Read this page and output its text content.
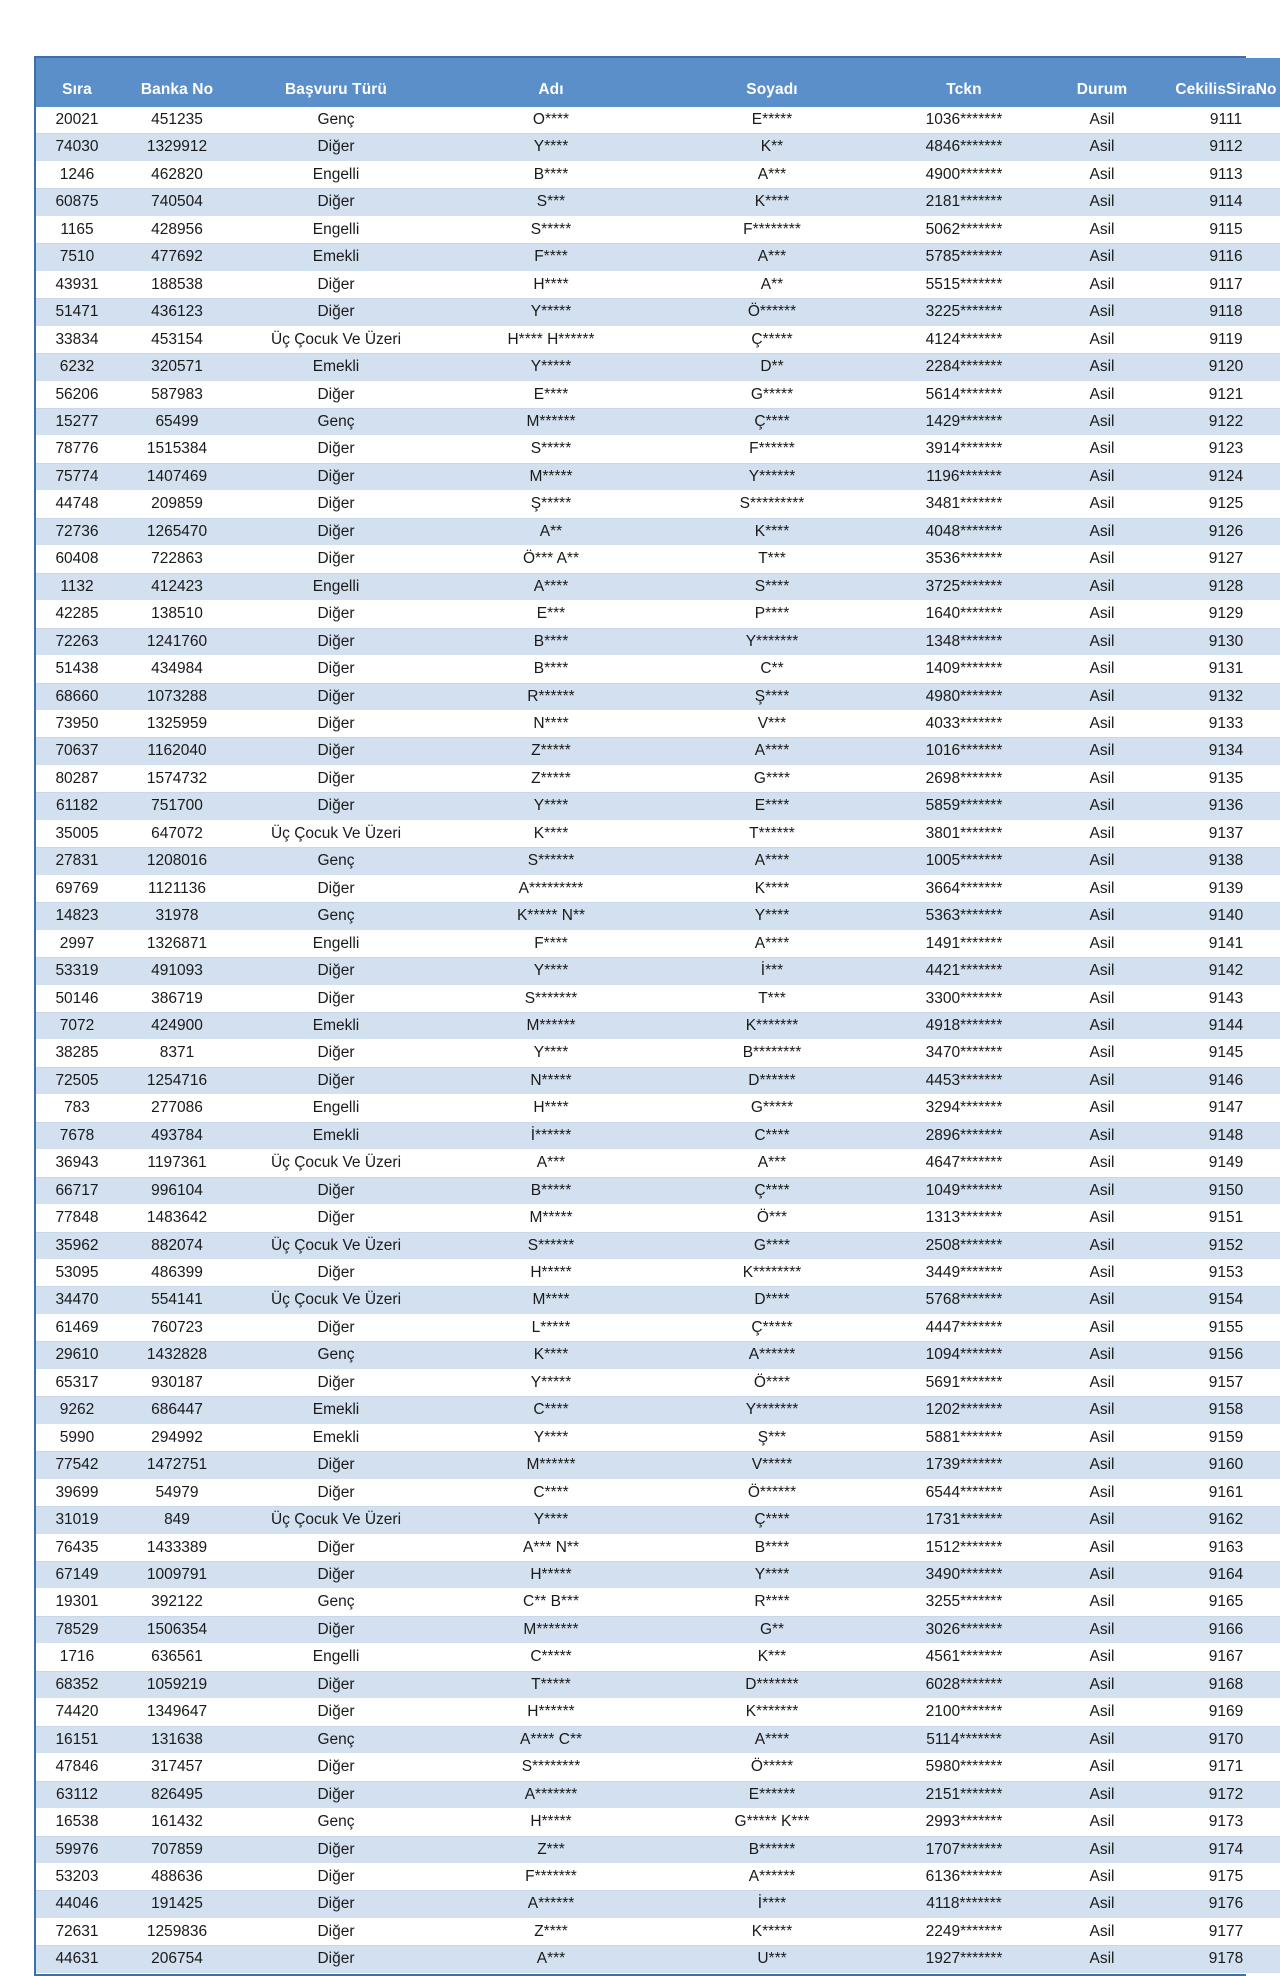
Sıra	Banka No	Başvuru Türü	Adı	Soyadı	Tckn	Durum	CekilisSiraNo
20021	451235	Genç	O****	E*****	1036*******	Asil	9111
74030	1329912	Diğer	Y****	K**	4846*******	Asil	9112
1246	462820	Engelli	B****	A***	4900*******	Asil	9113
60875	740504	Diğer	S***	K****	2181*******	Asil	9114
1165	428956	Engelli	S*****	F********	5062*******	Asil	9115
7510	477692	Emekli	F****	A***	5785*******	Asil	9116
43931	188538	Diğer	H****	A**	5515*******	Asil	9117
51471	436123	Diğer	Y*****	Ö******	3225*******	Asil	9118
33834	453154	Üç Çocuk Ve Üzeri	H**** H******	Ç*****	4124*******	Asil	9119
6232	320571	Emekli	Y*****	D**	2284*******	Asil	9120
56206	587983	Diğer	E****	G*****	5614*******	Asil	9121
15277	65499	Genç	M******	Ç****	1429*******	Asil	9122
78776	1515384	Diğer	S*****	F******	3914*******	Asil	9123
75774	1407469	Diğer	M*****	Y******	1196*******	Asil	9124
44748	209859	Diğer	Ş*****	S*********	3481*******	Asil	9125
72736	1265470	Diğer	A**	K****	4048*******	Asil	9126
60408	722863	Diğer	Ö*** A**	T***	3536*******	Asil	9127
1132	412423	Engelli	A****	S****	3725*******	Asil	9128
42285	138510	Diğer	E***	P****	1640*******	Asil	9129
72263	1241760	Diğer	B****	Y*******	1348*******	Asil	9130
51438	434984	Diğer	B****	C**	1409*******	Asil	9131
68660	1073288	Diğer	R******	Ş****	4980*******	Asil	9132
73950	1325959	Diğer	N****	V***	4033*******	Asil	9133
70637	1162040	Diğer	Z*****	A****	1016*******	Asil	9134
80287	1574732	Diğer	Z*****	G****	2698*******	Asil	9135
61182	751700	Diğer	Y****	E****	5859*******	Asil	9136
35005	647072	Üç Çocuk Ve Üzeri	K****	T******	3801*******	Asil	9137
27831	1208016	Genç	S******	A****	1005*******	Asil	9138
69769	1121136	Diğer	A*********	K****	3664*******	Asil	9139
14823	31978	Genç	K***** N**	Y****	5363*******	Asil	9140
2997	1326871	Engelli	F****	A****	1491*******	Asil	9141
53319	491093	Diğer	Y****	İ***	4421*******	Asil	9142
50146	386719	Diğer	S*******	T***	3300*******	Asil	9143
7072	424900	Emekli	M******	K*******	4918*******	Asil	9144
38285	8371	Diğer	Y****	B********	3470*******	Asil	9145
72505	1254716	Diğer	N*****	D******	4453*******	Asil	9146
783	277086	Engelli	H****	G*****	3294*******	Asil	9147
7678	493784	Emekli	İ******	C****	2896*******	Asil	9148
36943	1197361	Üç Çocuk Ve Üzeri	A***	A***	4647*******	Asil	9149
66717	996104	Diğer	B*****	Ç****	1049*******	Asil	9150
77848	1483642	Diğer	M*****	Ö***	1313*******	Asil	9151
35962	882074	Üç Çocuk Ve Üzeri	S******	G****	2508*******	Asil	9152
53095	486399	Diğer	H*****	K********	3449*******	Asil	9153
34470	554141	Üç Çocuk Ve Üzeri	M****	D****	5768*******	Asil	9154
61469	760723	Diğer	L*****	Ç*****	4447*******	Asil	9155
29610	1432828	Genç	K****	A******	1094*******	Asil	9156
65317	930187	Diğer	Y*****	Ö****	5691*******	Asil	9157
9262	686447	Emekli	C****	Y*******	1202*******	Asil	9158
5990	294992	Emekli	Y****	Ş***	5881*******	Asil	9159
77542	1472751	Diğer	M******	V*****	1739*******	Asil	9160
39699	54979	Diğer	C****	Ö******	6544*******	Asil	9161
31019	849	Üç Çocuk Ve Üzeri	Y****	Ç****	1731*******	Asil	9162
76435	1433389	Diğer	A*** N**	B****	1512*******	Asil	9163
67149	1009791	Diğer	H*****	Y****	3490*******	Asil	9164
19301	392122	Genç	C** B***	R****	3255*******	Asil	9165
78529	1506354	Diğer	M*******	G**	3026*******	Asil	9166
1716	636561	Engelli	C*****	K***	4561*******	Asil	9167
68352	1059219	Diğer	T*****	D*******	6028*******	Asil	9168
74420	1349647	Diğer	H******	K*******	2100*******	Asil	9169
16151	131638	Genç	A**** C**	A****	5114*******	Asil	9170
47846	317457	Diğer	S********	Ö*****	5980*******	Asil	9171
63112	826495	Diğer	A*******	E******	2151*******	Asil	9172
16538	161432	Genç	H*****	G***** K***	2993*******	Asil	9173
59976	707859	Diğer	Z***	B******	1707*******	Asil	9174
53203	488636	Diğer	F*******	A******	6136*******	Asil	9175
44046	191425	Diğer	A******	İ****	4118*******	Asil	9176
72631	1259836	Diğer	Z****	K*****	2249*******	Asil	9177
44631	206754	Diğer	A***	U***	1927*******	Asil	9178
